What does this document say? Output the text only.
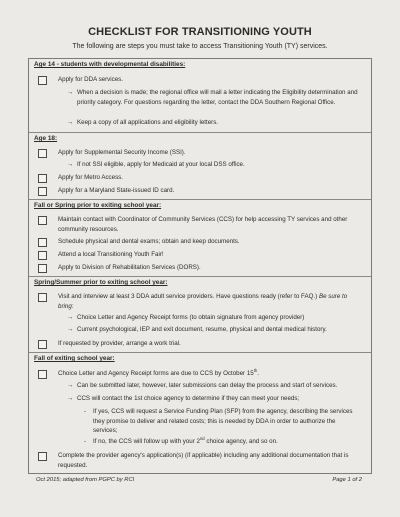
CHECKLIST FOR TRANSITIONING YOUTH
The following are steps you must take to access Transitioning Youth (TY) services.
Age 14 - students with developmental disabilities:
Apply for DDA services.
→ When a decision is made; the regional office will mail a letter indicating the Eligibility determination and priority category. For questions regarding the letter, contact the DDA Southern Regional Office.
→ Keep a copy of all applications and eligibility letters.
Age 18:
Apply for Supplemental Security Income (SSI).
→ If not SSI eligible, apply for Medicaid at your local DSS office.
Apply for Metro Access.
Apply for a Maryland State-issued ID card.
Fall or Spring prior to exiting school year:
Maintain contact with Coordinator of Community Services (CCS) for help accessing TY services and other community resources.
Schedule physical and dental exams; obtain and keep documents.
Attend a local Transitioning Youth Fair!
Apply to Division of Rehabilitation Services (DORS).
Spring/Summer prior to exiting school year:
Visit and interview at least 3 DDA adult service providers. Have questions ready (refer to FAQ.) Be sure to bring:
→ Choice Letter and Agency Receipt forms (to obtain signature from agency provider)
→ Current psychological, IEP and exit document, resume, physical and dental medical history.
If requested by provider, arrange a work trial.
Fall of exiting school year:
Choice Letter and Agency Receipt forms are due to CCS by October 15th.
→ Can be submitted later, however, later submissions can delay the process and start of services.
→ CCS will contact the 1st choice agency to determine if they can meet your needs;
- If yes, CCS will request a Service Funding Plan (SFP) from the agency, describing the services they promise to deliver and related costs; this is needed by DDA in order to authorize the services;
- If no, the CCS will follow up with your 2nd choice agency, and so on.
Complete the provider agency's application(s) (if applicable) including any additional documentation that is requested.
Oct 2015; adapted from PGPC by RCI	Page 1 of 2
